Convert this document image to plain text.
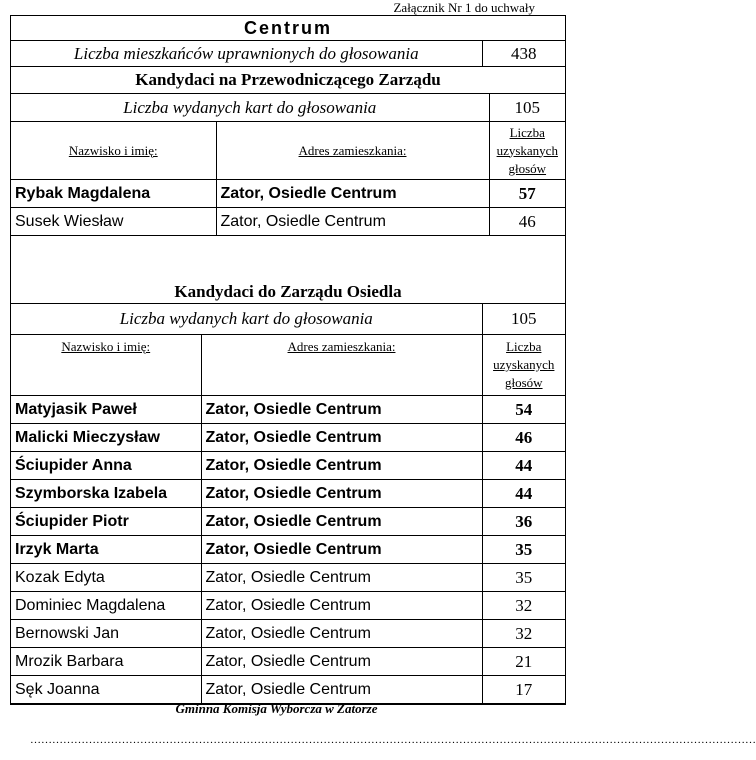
Załącznik Nr 1 do uchwały
Centrum
Liczba mieszkańców uprawnionych do głosowania	438
Kandydaci na Przewodniczącego Zarządu
Liczba wydanych kart do głosowania		105
Nazwisko i imię:	Adres zamieszkania:	Liczba uzyskanych głosów
Rybak Magdalena	Zator, Osiedle Centrum	57
Susek Wiesław	Zator, Osiedle Centrum	46
Kandydaci do Zarządu Osiedla		
Liczba wydanych kart do głosowania		105
Nazwisko i imię:	Adres zamieszkania:	Liczba uzyskanych głosów
Matyjasik Paweł	Zator, Osiedle Centrum	54
Malicki Mieczysław	Zator, Osiedle Centrum	46
Ściupider Anna	Zator, Osiedle Centrum	44
Szymborska Izabela	Zator, Osiedle Centrum	44
Ściupider Piotr	Zator, Osiedle Centrum	36
Irzyk Marta	Zator, Osiedle Centrum	35
Kozak Edyta	Zator, Osiedle Centrum	35
Dominiec Magdalena	Zator, Osiedle Centrum	32
Bernowski Jan	Zator, Osiedle Centrum	32
Mrozik Barbara	Zator, Osiedle Centrum	21
Sęk Joanna	Zator, Osiedle Centrum	17
Gminna Komisja Wyborcza w Zatorze
………………………………………………………………………………………………………………………………………………………………………………
